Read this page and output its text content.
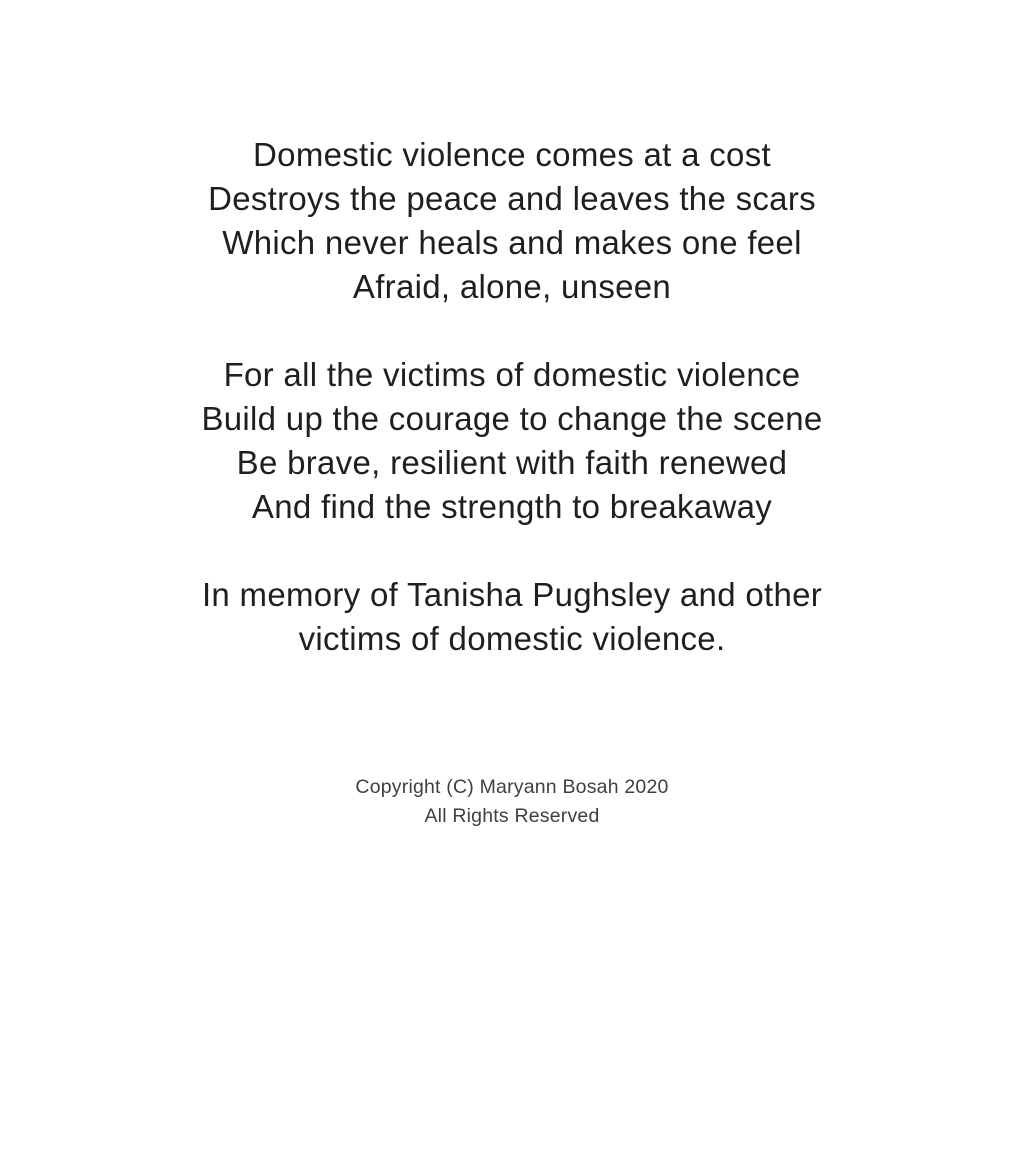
Domestic violence comes at a cost
Destroys the peace and leaves the scars
Which never heals and makes one feel
Afraid, alone, unseen
For all the victims of domestic violence
Build up the courage to change the scene
Be brave, resilient with faith renewed
And find the strength to breakaway
In memory of Tanisha Pughsley and other
victims of domestic violence.
Copyright (C) Maryann Bosah 2020
All Rights Reserved
